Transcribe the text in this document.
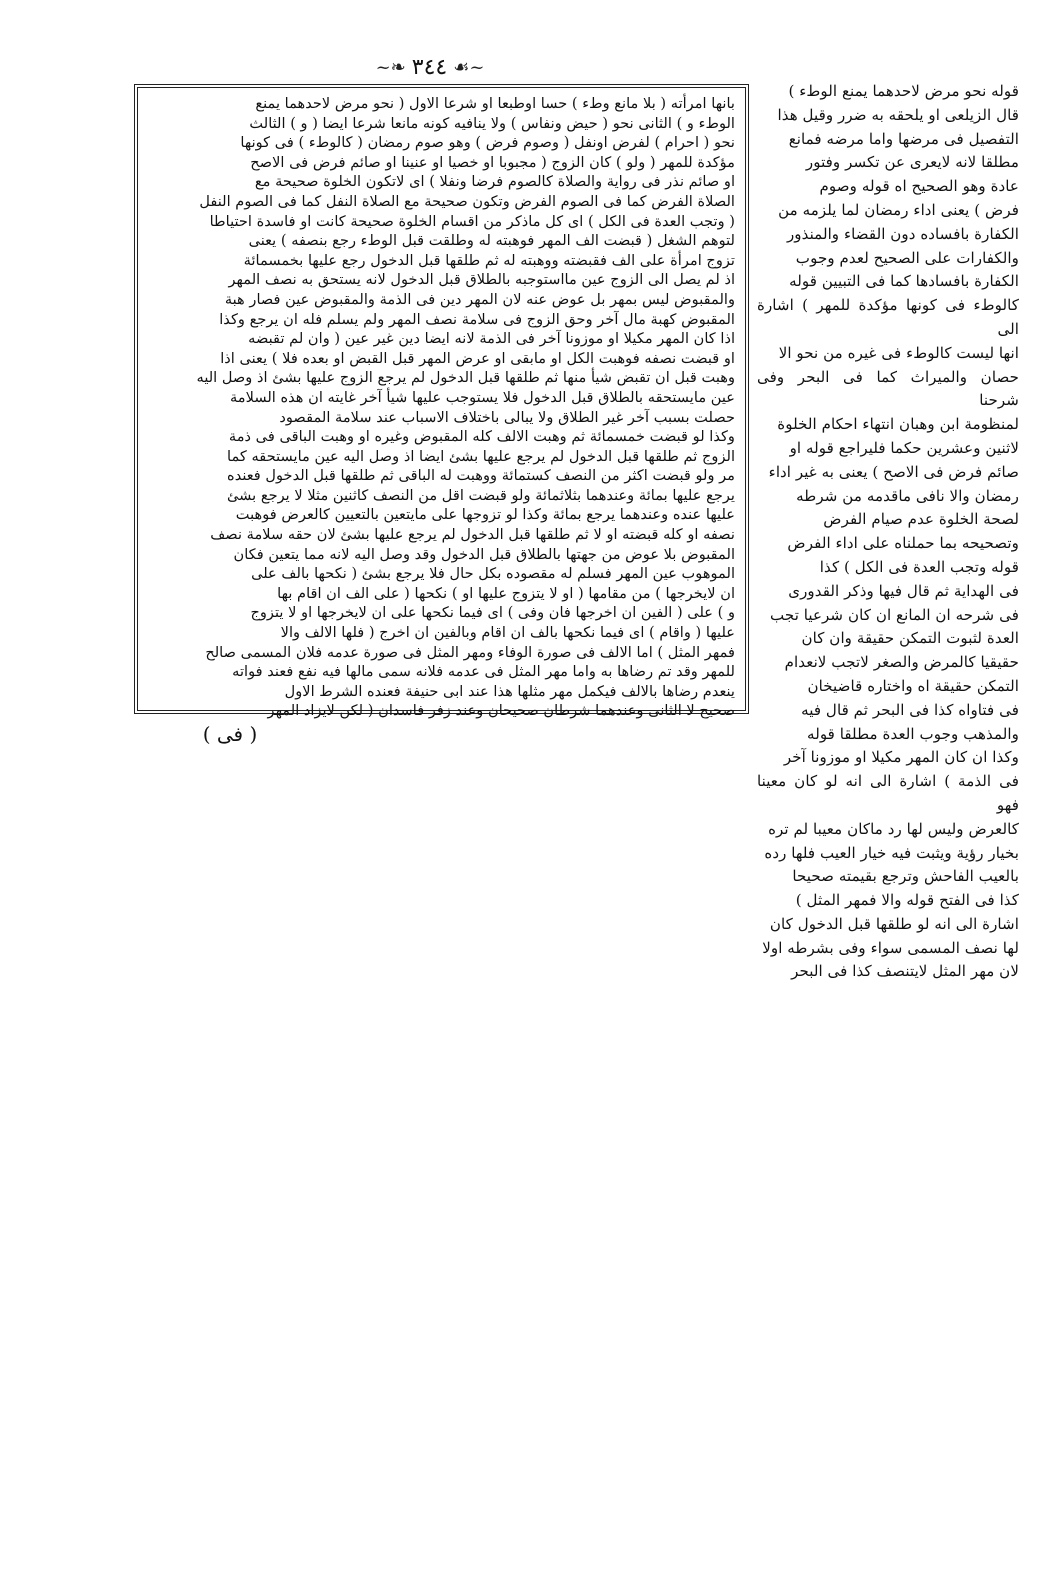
~❧ ٣٤٤ ☙~

بانها امرأته ( بلا مانع وطء ) حسا اوطبعا او شرعا الاول ( نحو مرض لاحدهما يمنع

الوطء و ) الثانى نحو ( حيض ونفاس ) ولا ينافيه كونه مانعا شرعا ايضا ( و ) الثالث

نحو ( احرام ) لفرض اونفل ( وصوم فرض ) وهو صوم رمضان ( كالوطء ) فى كونها

مؤكدة للمهر ( ولو ) كان الزوج ( مجبوبا او خصيا او عنينا او صائم فرض فى الاصح

او صائم نذر فى رواية والصلاة كالصوم فرضا ونفلا ) اى لاتكون الخلوة صحيحة مع

الصلاة الفرض كما فى الصوم الفرض وتكون صحيحة مع الصلاة النفل كما فى الصوم النفل

( وتجب العدة فى الكل ) اى كل ماذكر من اقسام الخلوة صحيحة كانت او فاسدة احتياطا

لتوهم الشغل ( قبضت الف المهر فوهبته له وطلقت قبل الوطء رجع بنصفه ) يعنى

تزوج امرأة على الف فقبضته ووهبته له ثم طلقها قبل الدخول رجع عليها بخمسمائة

اذ لم يصل الى الزوج عين مااستوجبه بالطلاق قبل الدخول لانه يستحق به نصف المهر

والمقبوض ليس بمهر بل عوض عنه لان المهر دين فى الذمة والمقبوض عين فصار هبة

المقبوض كهبة مال آخر وحق الزوج فى سلامة نصف المهر ولم يسلم فله ان يرجع وكذا

اذا كان المهر مكيلا او موزونا آخر فى الذمة لانه ايضا دين غير عين ( وان لم تقبضه

او قبضت نصفه فوهبت الكل او مابقى او عرض المهر قبل القبض او بعده فلا ) يعنى اذا

وهبت قبل ان تقبض شيأ منها ثم طلقها قبل الدخول لم يرجع الزوج عليها بشئ اذ وصل اليه

عين مايستحقه بالطلاق قبل الدخول فلا يستوجب عليها شيأ آخر غايته ان هذه السلامة

حصلت بسبب آخر غير الطلاق ولا يبالى باختلاف الاسباب عند سلامة المقصود

وكذا لو قبضت خمسمائة ثم وهبت الالف كله المقبوض وغيره او وهبت الباقى فى ذمة

الزوج ثم طلقها قبل الدخول لم يرجع عليها بشئ ايضا اذ وصل اليه عين مايستحقه كما

مر ولو قبضت اكثر من النصف كستمائة ووهبت له الباقى ثم طلقها قبل الدخول فعنده

يرجع عليها بمائة وعندهما بثلاثمائة ولو قبضت اقل من النصف كاثنين مثلا لا يرجع بشئ

عليها عنده وعندهما يرجع بمائة وكذا لو تزوجها على مايتعين بالتعيين كالعرض فوهبت

نصفه او كله قبضته او لا ثم طلقها قبل الدخول لم يرجع عليها بشئ لان حقه سلامة نصف

المقبوض بلا عوض من جهتها بالطلاق قبل الدخول وقد وصل اليه لانه مما يتعين فكان

الموهوب عين المهر فسلم له مقصوده بكل حال فلا يرجع بشئ ( نكحها بالف على

ان لايخرجها ) من مقامها ( او لا يتزوج عليها او ) نكحها ( على الف ان اقام بها

و ) على ( الفين ان اخرجها فان وفى ) اى فيما نكحها على ان لايخرجها او لا يتزوج

عليها ( واقام ) اى فيما نكحها بالف ان اقام وبالفين ان اخرج ( فلها الالف والا

فمهر المثل ) اما الالف فى صورة الوفاء ومهر المثل فى صورة عدمه فلان المسمى صالح

للمهر وقد تم رضاها به واما مهر المثل فى عدمه فلانه سمى مالها فيه نفع فعند فواته

ينعدم رضاها بالالف فيكمل مهر مثلها هذا عند ابى حنيفة فعنده الشرط الاول

صحيح لا الثانى وعندهما شرطان صحيحان وعند زفر فاسدان ( لكن لايزاد المهر

قوله نحو مرض لاحدهما يمنع الوطء )

قال الزيلعى او يلحقه به ضرر وقيل هذا

التفصيل فى مرضها واما مرضه فمانع

مطلقا لانه لايعرى عن تكسر وفتور

عادة وهو الصحيح اه قوله وصوم

فرض ) يعنى اداء رمضان لما يلزمه من

الكفارة بافساده دون القضاء والمنذور

والكفارات على الصحيح لعدم وجوب

الكفارة بافسادها كما فى التبيين قوله

كالوطء فى كونها مؤكدة للمهر ) اشارة الى

انها ليست كالوطء فى غيره من نحو الا

حصان والميراث كما فى البحر وفى شرحنا

لمنظومة ابن وهبان انتهاء احكام الخلوة

لاثنين وعشرين حكما فليراجع قوله او

صائم فرض فى الاصح ) يعنى به غير اداء

رمضان والا نافى ماقدمه من شرطه

لصحة الخلوة عدم صيام الفرض

وتصحيحه بما حملناه على اداء الفرض

قوله وتجب العدة فى الكل ) كذا

فى الهداية ثم قال فيها وذكر القدورى

فى شرحه ان المانع ان كان شرعيا تجب

العدة لثبوت التمكن حقيقة وان كان

حقيقيا كالمرض والصغر لاتجب لانعدام

التمكن حقيقة اه واختاره قاضيخان

فى فتاواه كذا فى البحر ثم قال فيه

والمذهب وجوب العدة مطلقا قوله

وكذا ان كان المهر مكيلا او موزونا آخر

فى الذمة ) اشارة الى انه لو كان معينا فهو

كالعرض وليس لها رد ماكان معيبا لم تره

بخيار رؤية ويثبت فيه خيار العيب فلها رده

بالعيب الفاحش وترجع بقيمته صحيحا

كذا فى الفتح قوله والا فمهر المثل )

اشارة الى انه لو طلقها قبل الدخول كان

لها نصف المسمى سواء وفى بشرطه اولا

لان مهر المثل لايتنصف كذا فى البحر

( فى )
